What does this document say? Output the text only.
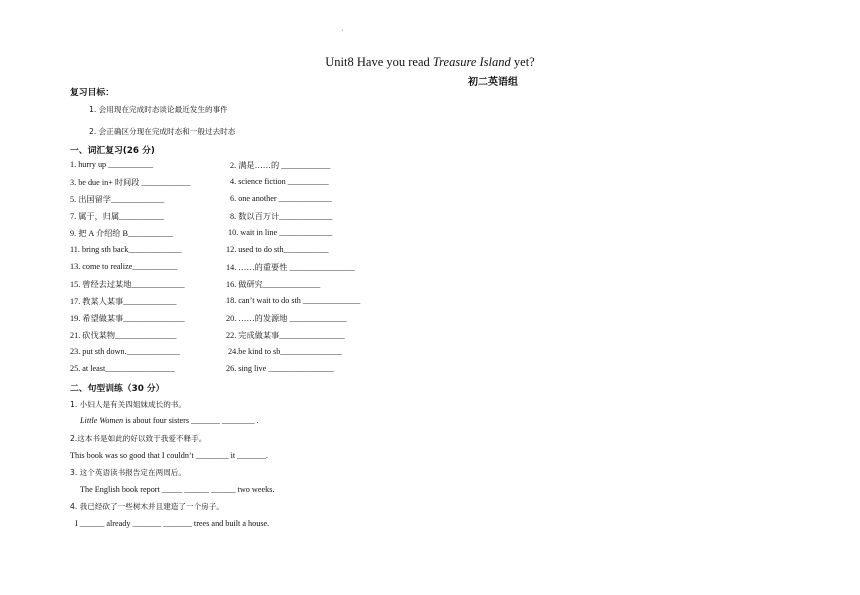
·
Unit8 Have you read Treasure Island yet?
初二英语组
复习目标：
1. 会用现在完成时态谈论最近发生的事件
2. 会正确区分现在完成时态和一般过去时态
一、词汇复习(26 分)
1. hurry up ___________	2. 满是……的 ____________
3. be due in+ 时间段 ____________	4. science fiction __________
5. 出国留学_____________	6. one another _____________
7. 属于，归属___________	8. 数以百万计_____________
9. 把 A 介绍给 B___________	10. wait in line _____________
11. bring sth back_____________	12. used to do sth___________
13. come to realize___________	14. ……的重要性 ________________
15. 曾经去过某地_____________	16. 做研究______________
17. 教某人某事_____________	18. can’t wait to do sth ______________
19. 希望做某事_______________	20. ……的发源地 ______________
21. 砍伐某物_______________	22. 完成做某事________________
23. put sth down._____________	24.be kind to sb_______________
25. at least_________________	26. sing live ________________
二、句型训练（30 分）
1. 小妇人是有关四姐妹成长的书。
Little Women is about four sisters _______ ________ .
2.这本书是如此的好以致于我爱不释手。
This book was so good that I couldn’t ________ it _______.
3. 这个英语读书报告定在两周后。
The English book report _____ ______ ______ two weeks.
4. 我已经砍了一些树木并且建造了一个房子。
I ______ already _______ _______ trees and built a house.
